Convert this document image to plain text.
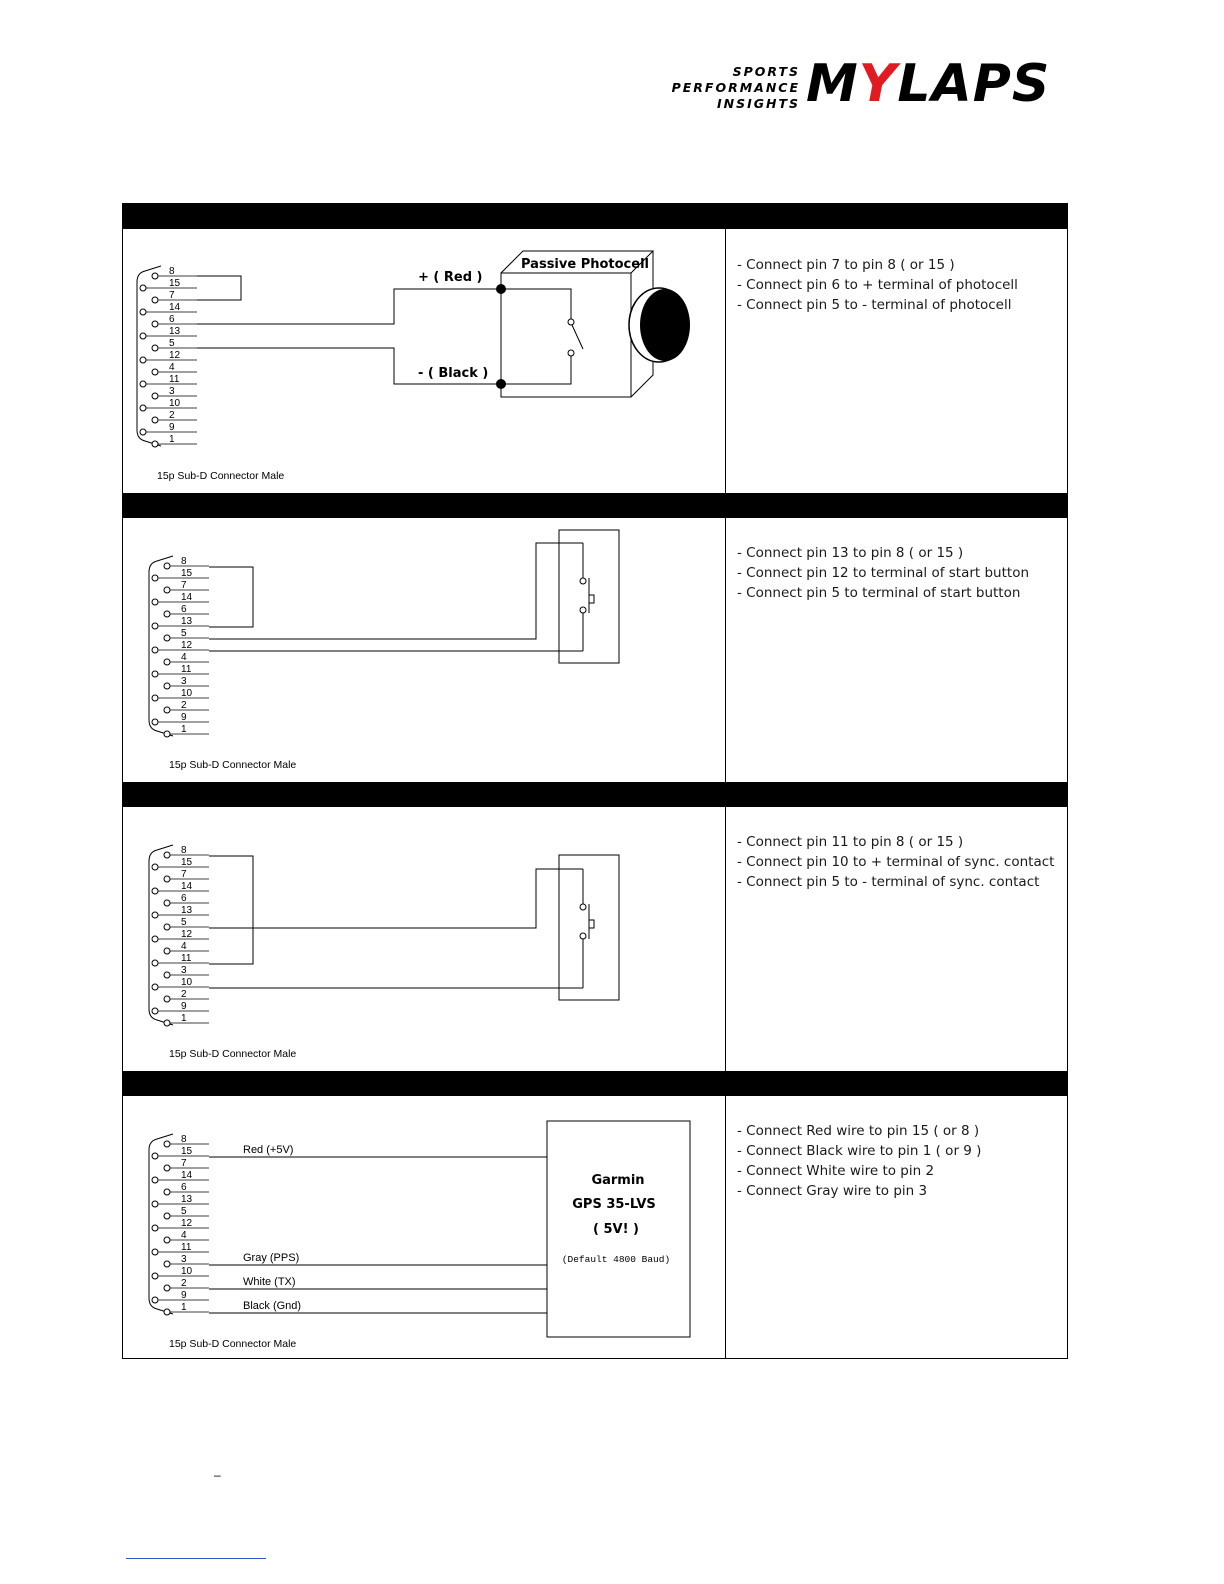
SPORTS
PERFORMANCE
INSIGHTS MYLAPS
8
15
7
14
6
13
5
12
4
11
3
10
2
9
1
+ ( Red )
- ( Black )
Passive Photocell
15p Sub-D Connector Male
- Connect pin 7 to pin 8 ( or 15 )
- Connect pin 6 to + terminal of photocell
- Connect pin 5 to - terminal of photocell
8
15
7
14
6
13
5
12
4
11
3
10
2
9
1
15p Sub-D Connector Male
- Connect pin 13 to pin 8 ( or 15 )
- Connect pin 12 to terminal of start button
- Connect pin 5 to terminal of start button
8
15
7
14
6
13
5
12
4
11
3
10
2
9
1
15p Sub-D Connector Male
- Connect pin 11 to pin 8 ( or 15 )
- Connect pin 10 to + terminal of sync. contact
- Connect pin 5 to - terminal of sync. contact
8
15
7
14
6
13
5
12
4
11
3
10
2
9
1
Red (+5V)
Gray (PPS)
White (TX)
Black (Gnd)
Garmin
GPS 35-LVS
( 5V! )
(Default 4800 Baud)
15p Sub-D Connector Male
- Connect Red wire to pin 15 ( or 8 )
- Connect Black wire to pin 1 ( or 9 )
- Connect White wire to pin 2
- Connect Gray wire to pin 3
–
